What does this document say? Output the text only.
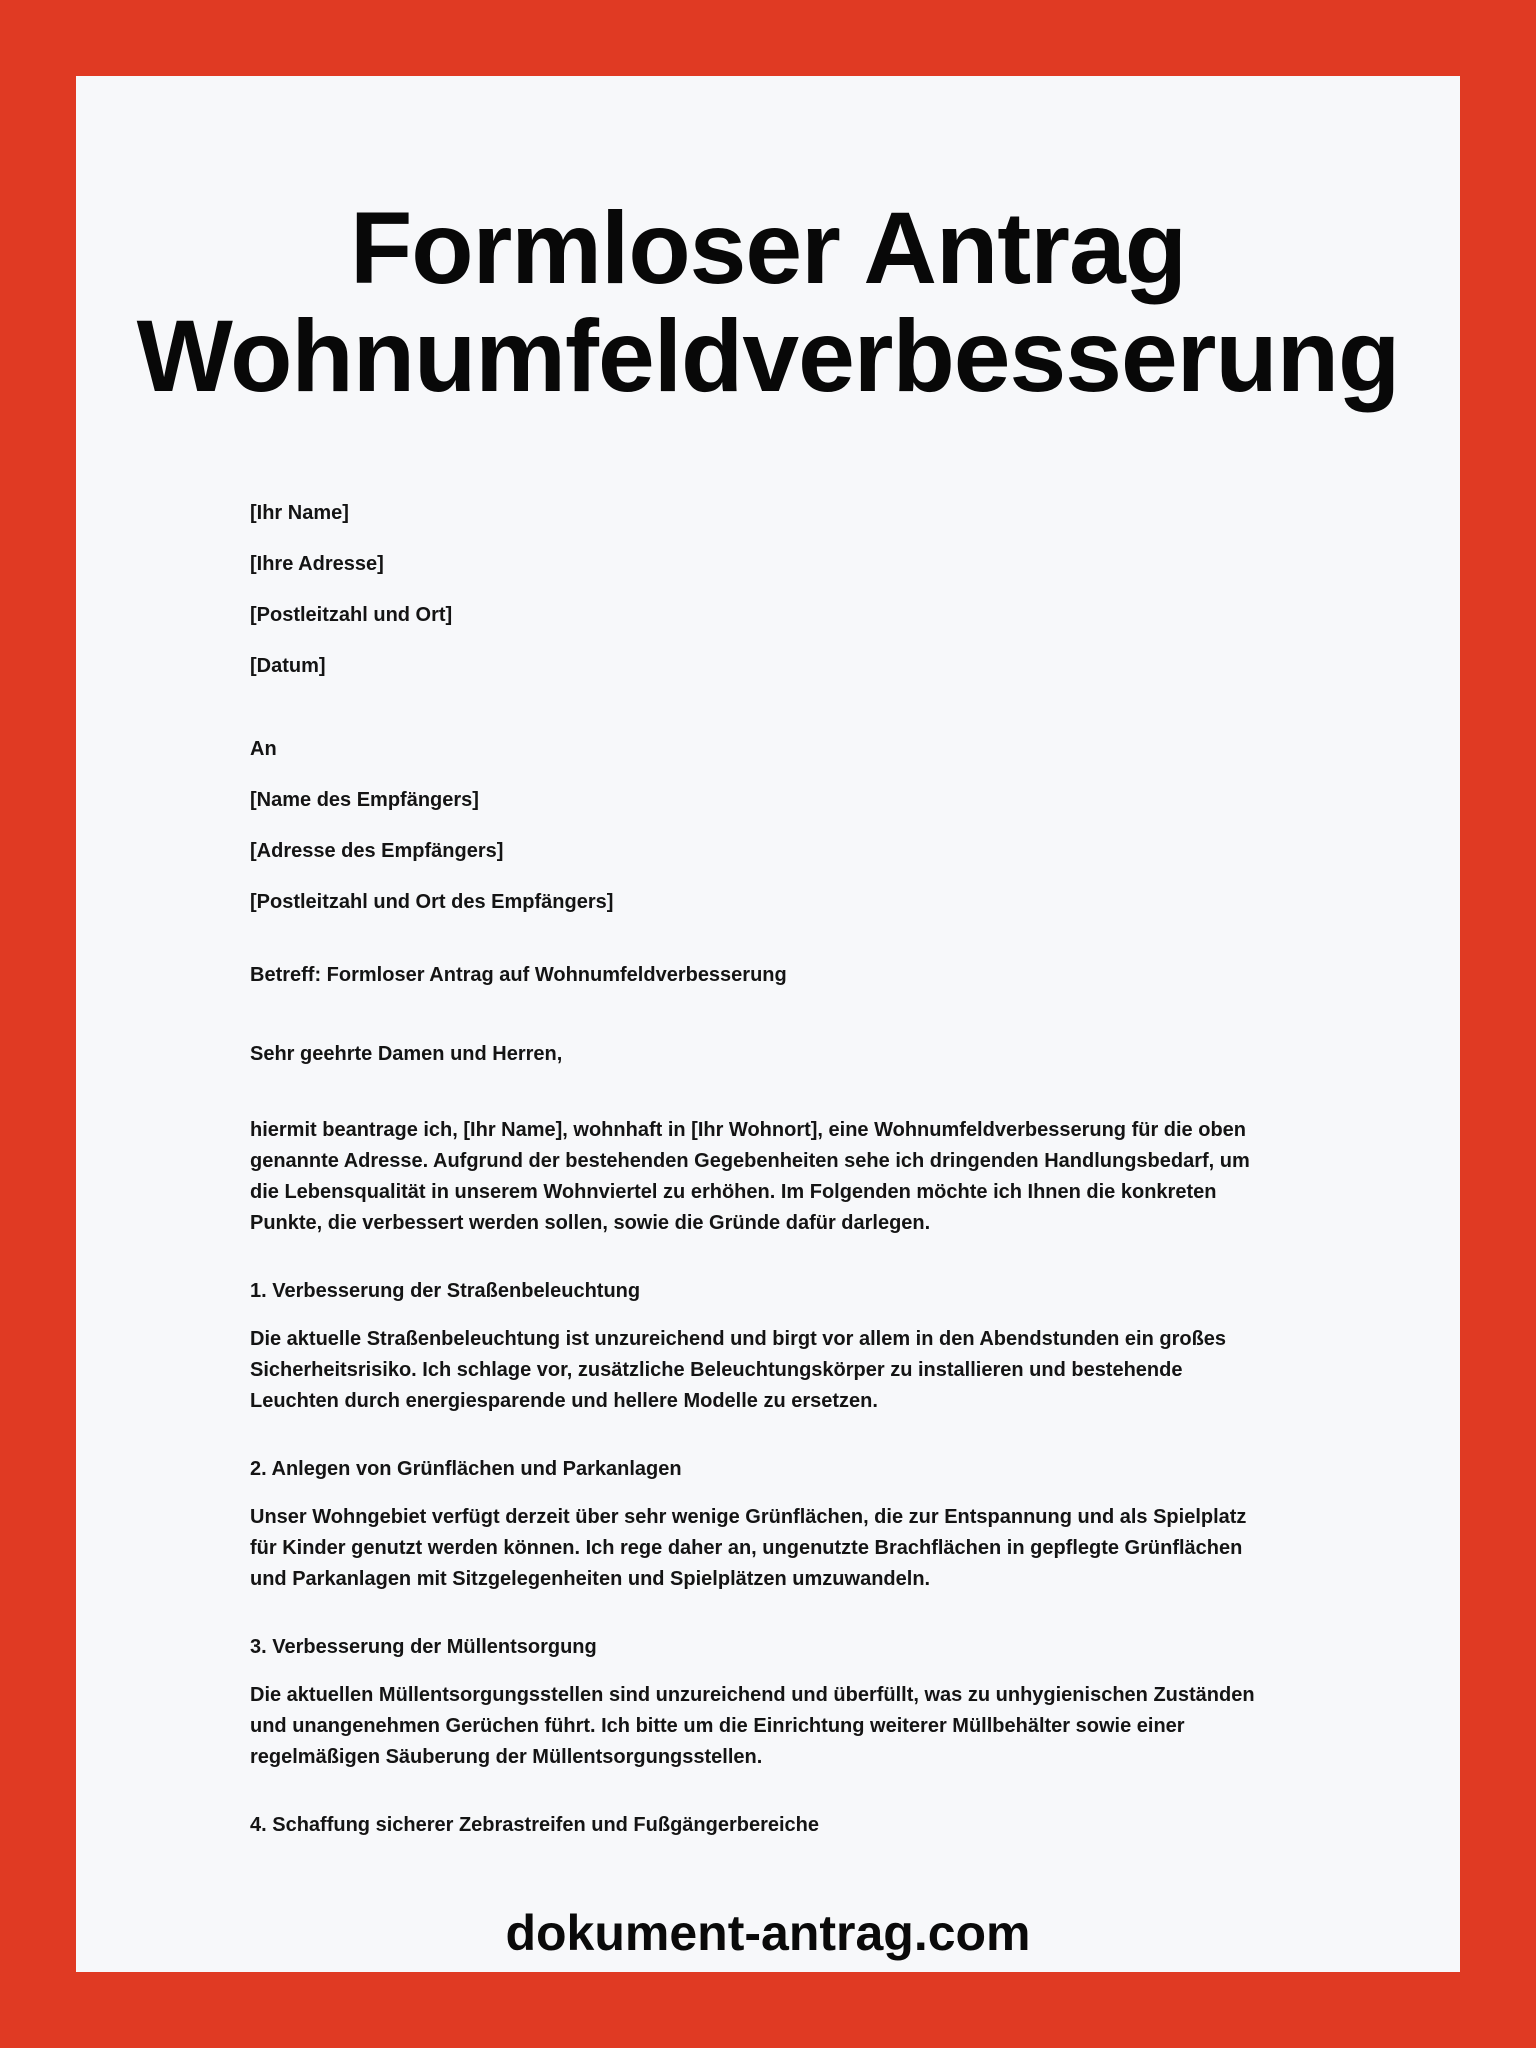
Formloser Antrag
Wohnumfeldverbesserung

[Ihr Name]

[Ihre Adresse]

[Postleitzahl und Ort]

[Datum]

An

[Name des Empfängers]

[Adresse des Empfängers]

[Postleitzahl und Ort des Empfängers]

Betreff: Formloser Antrag auf Wohnumfeldverbesserung

Sehr geehrte Damen und Herren,

hiermit beantrage ich, [Ihr Name], wohnhaft in [Ihr Wohnort], eine Wohnumfeldverbesserung für die oben genannte Adresse. Aufgrund der bestehenden Gegebenheiten sehe ich dringenden Handlungsbedarf, um die Lebensqualität in unserem Wohnviertel zu erhöhen. Im Folgenden möchte ich Ihnen die konkreten Punkte, die verbessert werden sollen, sowie die Gründe dafür darlegen.

1. Verbesserung der Straßenbeleuchtung

Die aktuelle Straßenbeleuchtung ist unzureichend und birgt vor allem in den Abendstunden ein großes Sicherheitsrisiko. Ich schlage vor, zusätzliche Beleuchtungskörper zu installieren und bestehende Leuchten durch energiesparende und hellere Modelle zu ersetzen.

2. Anlegen von Grünflächen und Parkanlagen

Unser Wohngebiet verfügt derzeit über sehr wenige Grünflächen, die zur Entspannung und als Spielplatz für Kinder genutzt werden können. Ich rege daher an, ungenutzte Brachflächen in gepflegte Grünflächen und Parkanlagen mit Sitzgelegenheiten und Spielplätzen umzuwandeln.

3. Verbesserung der Müllentsorgung

Die aktuellen Müllentsorgungsstellen sind unzureichend und überfüllt, was zu unhygienischen Zuständen und unangenehmen Gerüchen führt. Ich bitte um die Einrichtung weiterer Müllbehälter sowie einer regelmäßigen Säuberung der Müllentsorgungsstellen.

4. Schaffung sicherer Zebrastreifen und Fußgängerbereiche

dokument-antrag.com
